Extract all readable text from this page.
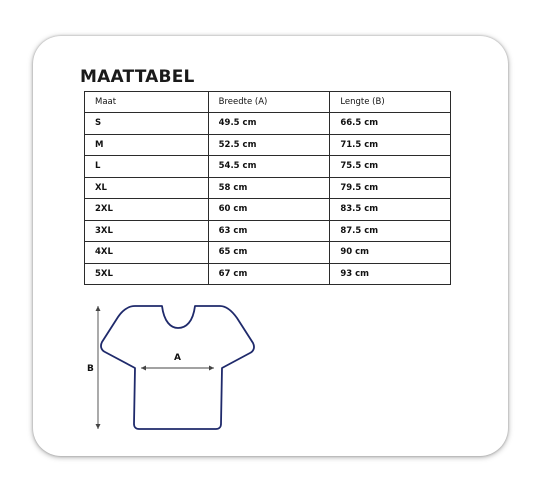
MAATTABEL
Maat	Breedte (A)	Lengte (B)
S	49.5 cm	66.5 cm
M	52.5 cm	71.5 cm
L	54.5 cm	75.5 cm
XL	58 cm	79.5 cm
2XL	60 cm	83.5 cm
3XL	63 cm	87.5 cm
4XL	65 cm	90 cm
5XL	67 cm	93 cm
A
B
